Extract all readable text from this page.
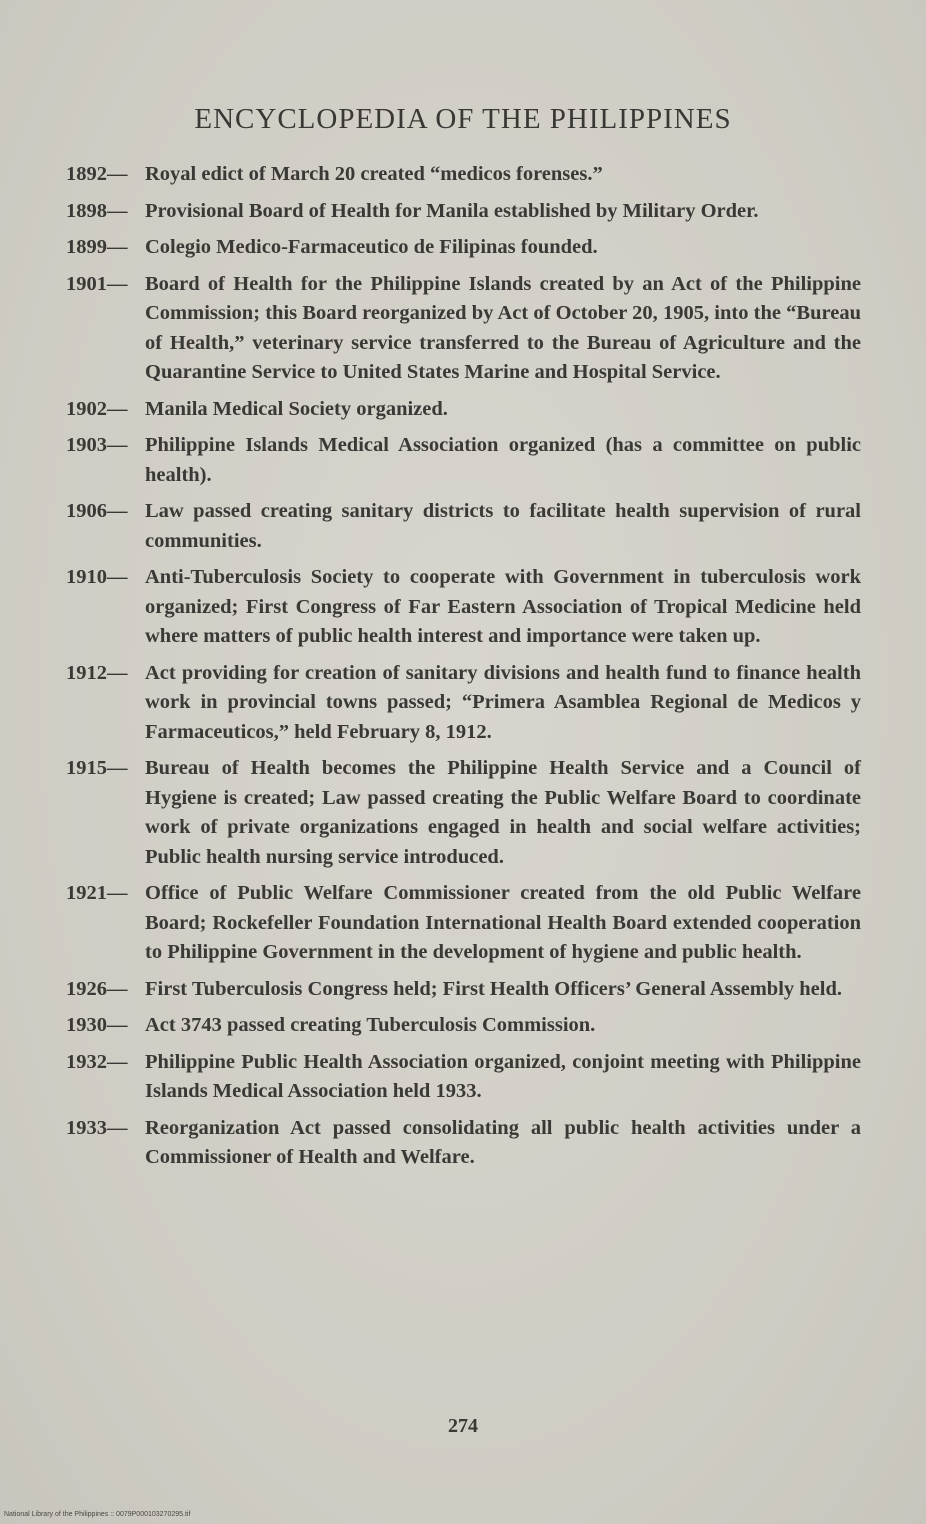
ENCYCLOPEDIA OF THE PHILIPPINES
1892— Royal edict of March 20 created “medicos forenses.”
1898— Provisional Board of Health for Manila established by Military Order.
1899— Colegio Medico-Farmaceutico de Filipinas founded.
1901— Board of Health for the Philippine Islands created by an Act of the Philippine Commission; this Board reorganized by Act of October 20, 1905, into the “Bureau of Health,” veterinary service transferred to the Bureau of Agriculture and the Quarantine Service to United States Marine and Hospital Service.
1902— Manila Medical Society organized.
1903— Philippine Islands Medical Association organized (has a committee on public health).
1906— Law passed creating sanitary districts to facilitate health supervision of rural communities.
1910— Anti-Tuberculosis Society to cooperate with Government in tuberculosis work organized; First Congress of Far Eastern Association of Tropical Medicine held where matters of public health interest and importance were taken up.
1912— Act providing for creation of sanitary divisions and health fund to finance health work in provincial towns passed; “Primera Asamblea Regional de Medicos y Farmaceuticos,” held February 8, 1912.
1915— Bureau of Health becomes the Philippine Health Service and a Council of Hygiene is created; Law passed creating the Public Welfare Board to coordinate work of private organizations engaged in health and social welfare activities; Public health nursing service introduced.
1921— Office of Public Welfare Commissioner created from the old Public Welfare Board; Rockefeller Foundation International Health Board extended cooperation to Philippine Government in the development of hygiene and public health.
1926— First Tuberculosis Congress held; First Health Officers’ General Assembly held.
1930— Act 3743 passed creating Tuberculosis Commission.
1932— Philippine Public Health Association organized, conjoint meeting with Philippine Islands Medical Association held 1933.
1933— Reorganization Act passed consolidating all public health activities under a Commissioner of Health and Welfare.
274
National Library of the Philippines :: 0079P000103270295.tif
